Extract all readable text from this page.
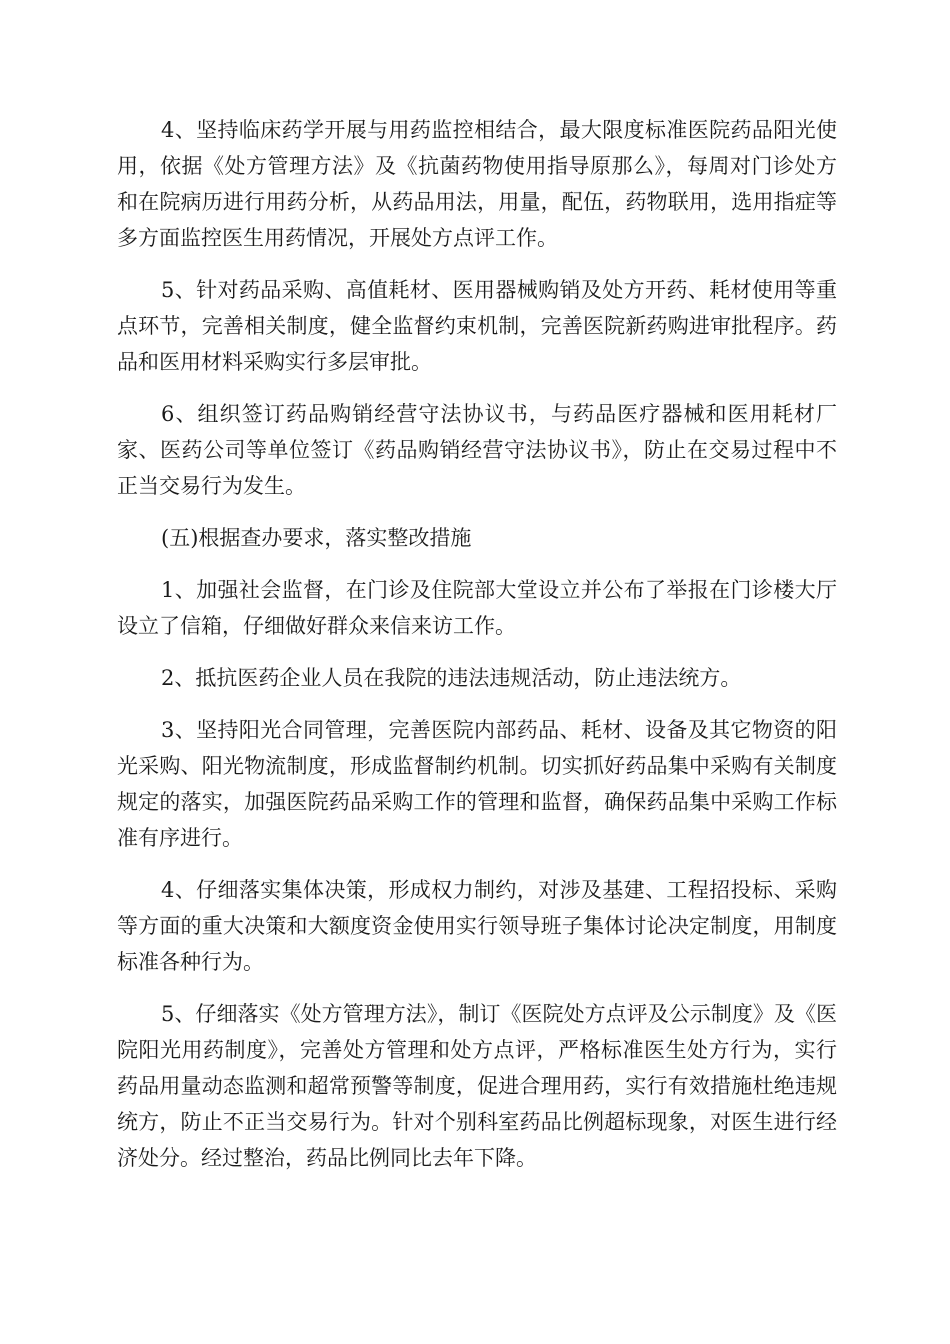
4、坚持临床药学开展与用药监控相结合，最大限度标准医院药品阳光使用，依据《处方管理方法》及《抗菌药物使用指导原那么》，每周对门诊处方和在院病历进行用药分析，从药品用法，用量，配伍，药物联用，选用指症等多方面监控医生用药情况，开展处方点评工作。

5、针对药品采购、高值耗材、医用器械购销及处方开药、耗材使用等重点环节，完善相关制度，健全监督约束机制，完善医院新药购进审批程序。药品和医用材料采购实行多层审批。

6、组织签订药品购销经营守法协议书，与药品医疗器械和医用耗材厂家、医药公司等单位签订《药品购销经营守法协议书》，防止在交易过程中不正当交易行为发生。

(五)根据查办要求，落实整改措施

1、加强社会监督，在门诊及住院部大堂设立并公布了举报在门诊楼大厅设立了信箱，仔细做好群众来信来访工作。

2、抵抗医药企业人员在我院的违法违规活动，防止违法统方。

3、坚持阳光合同管理，完善医院内部药品、耗材、设备及其它物资的阳光采购、阳光物流制度，形成监督制约机制。切实抓好药品集中采购有关制度规定的落实，加强医院药品采购工作的管理和监督，确保药品集中采购工作标准有序进行。

4、仔细落实集体决策，形成权力制约，对涉及基建、工程招投标、采购等方面的重大决策和大额度资金使用实行领导班子集体讨论决定制度，用制度标准各种行为。

5、仔细落实《处方管理方法》，制订《医院处方点评及公示制度》及《医院阳光用药制度》，完善处方管理和处方点评，严格标准医生处方行为，实行药品用量动态监测和超常预警等制度，促进合理用药，实行有效措施杜绝违规统方，防止不正当交易行为。针对个别科室药品比例超标现象，对医生进行经济处分。经过整治，药品比例同比去年下降。
